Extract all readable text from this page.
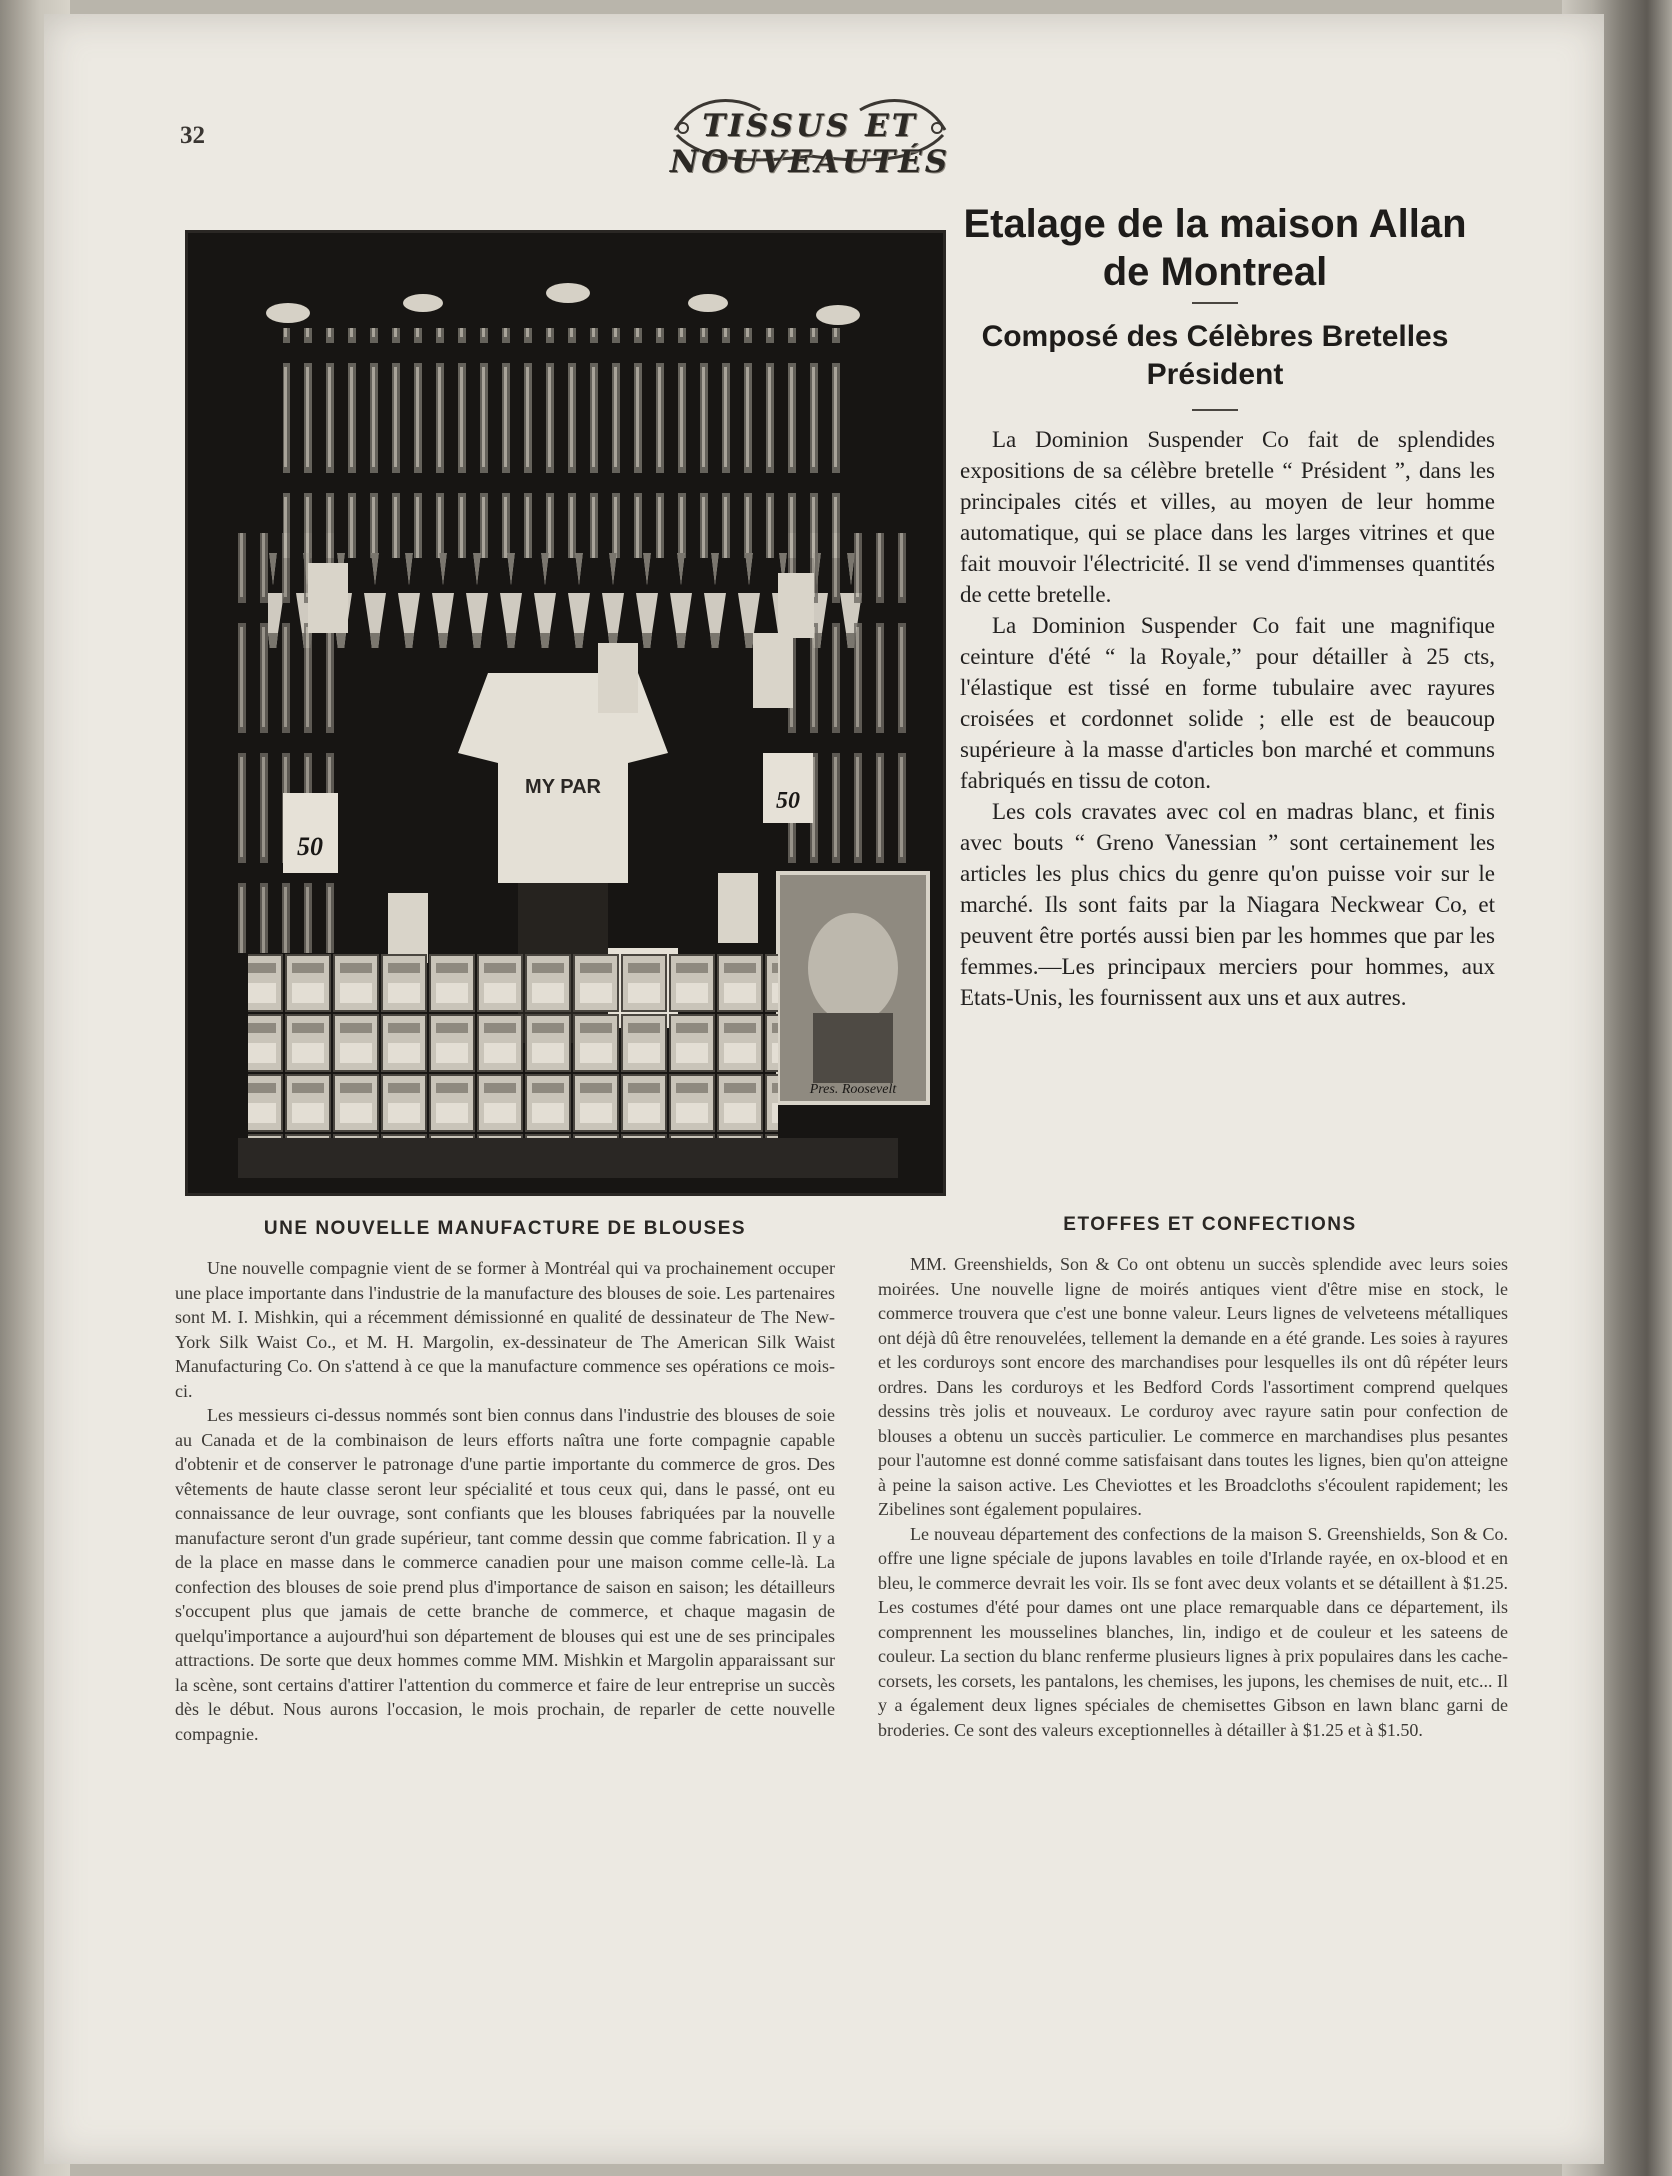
32	TISSUS ET NOUVEAUTÉS
MY PAR
50
50
Pres. Roosevelt
Etalage de la maison Allan de Montreal
Composé des Célèbres Bretelles Président

La Dominion Suspender Co fait de splendides expositions de sa célèbre bretelle “ Président ”, dans les principales cités et villes, au moyen de leur homme automatique, qui se place dans les larges vitrines et que fait mouvoir l'électricité. Il se vend d'immenses quantités de cette bretelle.

La Dominion Suspender Co fait une magnifique ceinture d'été “ la Royale,” pour détailler à 25 cts, l'élastique est tissé en forme tubulaire avec rayures croisées et cordonnet solide ; elle est de beaucoup supérieure à la masse d'articles bon marché et communs fabriqués en tissu de coton.

Les cols cravates avec col en madras blanc, et finis avec bouts “ Greno Vanessian ” sont certainement les articles les plus chics du genre qu'on puisse voir sur le marché. Ils sont faits par la Niagara Neckwear Co, et peuvent être portés aussi bien par les hommes que par les femmes.—Les principaux merciers pour hommes, aux Etats-Unis, les fournissent aux uns et aux autres.

UNE NOUVELLE MANUFACTURE DE BLOUSES

Une nouvelle compagnie vient de se former à Montréal qui va prochainement occuper une place importante dans l'industrie de la manufacture des blouses de soie. Les partenaires sont M. I. Mishkin, qui a récemment démissionné en qualité de dessinateur de The New-York Silk Waist Co., et M. H. Margolin, ex-dessinateur de The American Silk Waist Manufacturing Co. On s'attend à ce que la manufacture commence ses opérations ce mois-ci.

Les messieurs ci-dessus nommés sont bien connus dans l'industrie des blouses de soie au Canada et de la combinaison de leurs efforts naîtra une forte compagnie capable d'obtenir et de conserver le patronage d'une partie importante du commerce de gros. Des vêtements de haute classe seront leur spécialité et tous ceux qui, dans le passé, ont eu connaissance de leur ouvrage, sont confiants que les blouses fabriquées par la nouvelle manufacture seront d'un grade supérieur, tant comme dessin que comme fabrication. Il y a de la place en masse dans le commerce canadien pour une maison comme celle-là. La confection des blouses de soie prend plus d'importance de saison en saison; les détailleurs s'occupent plus que jamais de cette branche de commerce, et chaque magasin de quelqu'importance a aujourd'hui son département de blouses qui est une de ses principales attractions. De sorte que deux hommes comme MM. Mishkin et Margolin apparaissant sur la scène, sont certains d'attirer l'attention du commerce et faire de leur entreprise un succès dès le début. Nous aurons l'occasion, le mois prochain, de reparler de cette nouvelle compagnie.

ETOFFES ET CONFECTIONS

MM. Greenshields, Son & Co ont obtenu un succès splendide avec leurs soies moirées. Une nouvelle ligne de moirés antiques vient d'être mise en stock, le commerce trouvera que c'est une bonne valeur. Leurs lignes de velveteens métalliques ont déjà dû être renouvelées, tellement la demande en a été grande. Les soies à rayures et les corduroys sont encore des marchandises pour lesquelles ils ont dû répéter leurs ordres. Dans les corduroys et les Bedford Cords l'assortiment comprend quelques dessins très jolis et nouveaux. Le corduroy avec rayure satin pour confection de blouses a obtenu un succès particulier. Le commerce en marchandises plus pesantes pour l'automne est donné comme satisfaisant dans toutes les lignes, bien qu'on atteigne à peine la saison active. Les Cheviottes et les Broadcloths s'écoulent rapidement; les Zibelines sont également populaires.

Le nouveau département des confections de la maison S. Greenshields, Son & Co. offre une ligne spéciale de jupons lavables en toile d'Irlande rayée, en ox-blood et en bleu, le commerce devrait les voir. Ils se font avec deux volants et se détaillent à $1.25. Les costumes d'été pour dames ont une place remarquable dans ce département, ils comprennent les mousselines blanches, lin, indigo et de couleur et les sateens de couleur. La section du blanc renferme plusieurs lignes à prix populaires dans les cache-corsets, les corsets, les pantalons, les chemises, les jupons, les chemises de nuit, etc... Il y a également deux lignes spéciales de chemisettes Gibson en lawn blanc garni de broderies. Ce sont des valeurs exceptionnelles à détailler à $1.25 et à $1.50.
